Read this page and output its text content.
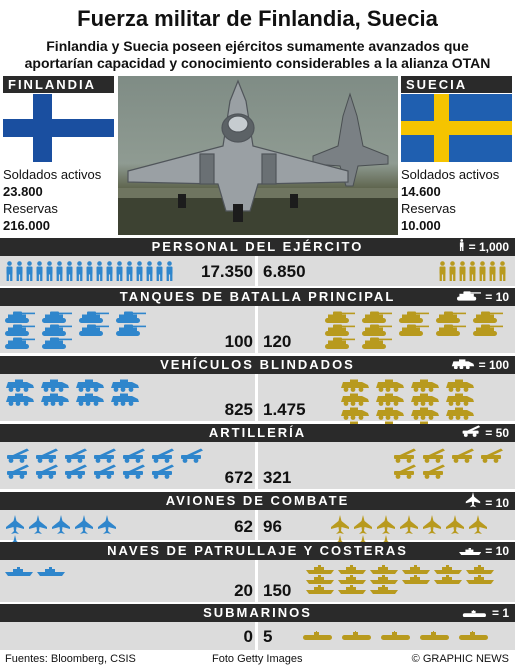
Fuerza militar de Finlandia, Suecia
Finlandia y Suecia poseen ejércitos sumamente avanzados que
aportarían capacidad y conocimiento considerables a la alianza OTAN
FINLANDIA
Soldados activos
23.800
Reservas
216.000
SUECIA
Soldados activos
14.600
Reservas
10.000
PERSONAL DEL EJÉRCITO	= 1,000
17.350 6.850
TANQUES DE BATALLA PRINCIPAL	= 10
100 120
VEHÍCULOS BLINDADOS	= 100
825 1.475
ARTILLERÍA	= 50
672 321
AVIONES DE COMBATE	= 10
62 96
NAVES DE PATRULLAJE Y COSTERAS	= 10
20 150
SUBMARINOS	= 1
0 5
Fuentes: Bloomberg, CSIS	Foto Getty Images	© GRAPHIC NEWS
